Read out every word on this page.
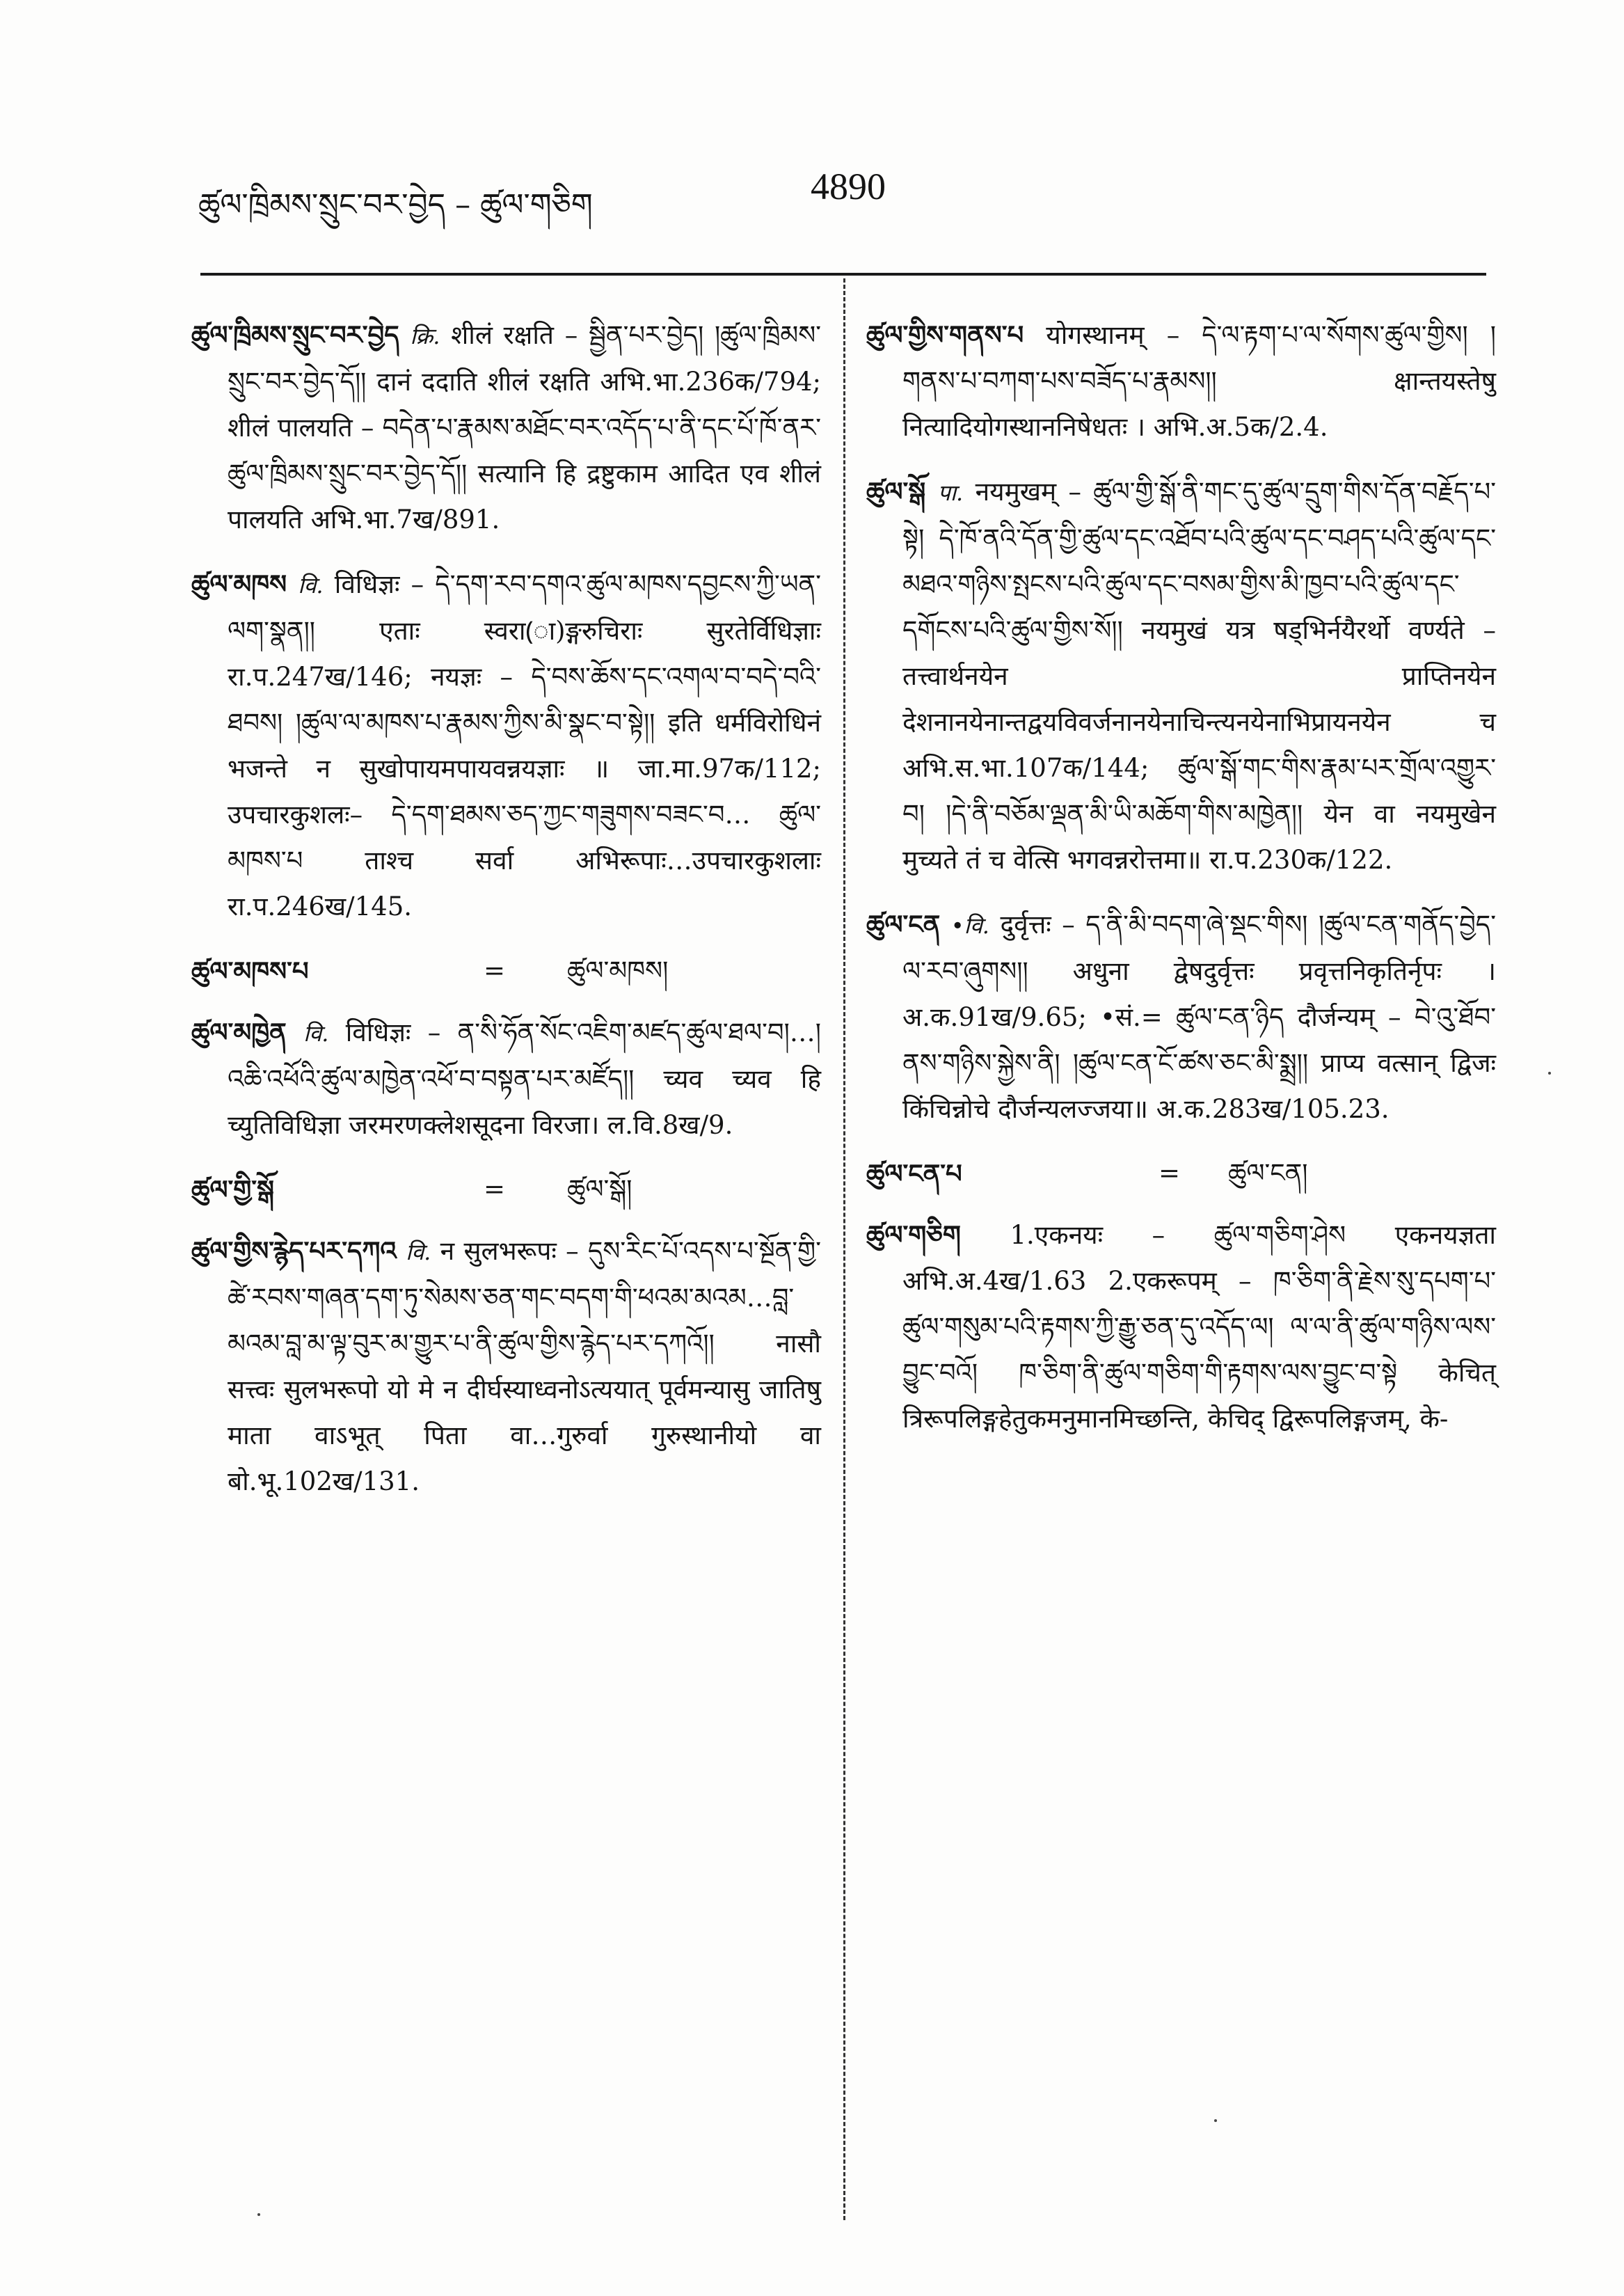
ཚུལ་ཁྲིམས་སྲུང་བར་བྱེད – ཚུལ་གཅིག	4890

ཚུལ་ཁྲིམས་སྲུང་བར་བྱེད क्रि. शीलं रक्षति – སྦྱིན་པར་བྱེད། །ཚུལ་ཁྲིམས་སྲུང་བར་བྱེད་དོ།། दानं ददाति शीलं रक्षति अभि.भा.236क/794; शीलं पालयति – བདེན་པ་རྣམས་མཐོང་བར་འདོད་པ་ནི་དང་པོ་ཁོ་ནར་ཚུལ་ཁྲིམས་སྲུང་བར་བྱེད་དོ།། सत्यानि हि द्रष्टुकाम आदित एव शीलं पालयति अभि.भा.7ख/891.

ཚུལ་མཁས वि. विधिज्ञः – དེ་དག་རབ་དགའ་ཚུལ་མཁས་དབྱངས་ཀྱི་ཡན་ལག་སྣན།། एताः स्वरा(ा)ङ्गरुचिराः सुरतेर्विधिज्ञाः रा.प.247ख/146; नयज्ञः – དེ་བས་ཆོས་དང་འགལ་བ་བདེ་བའི་ཐབས། །ཚུལ་ལ་མཁས་པ་རྣམས་ཀྱིས་མི་སྣང་བ་སྟེ།། इति धर्मविरोधिनं भजन्ते न सुखोपायमपायवन्नयज्ञाः ॥ जा.मा.97क/112; उपचारकुशलः– དེ་དག་ཐམས་ཅད་ཀྱང་གཟུགས་བཟང་བ… ཚུལ་མཁས་པ ताश्च सर्वा अभिरूपाः…उपचारकुशलाः रा.प.246ख/145.

ཚུལ་མཁས་པ	= ཚུལ་མཁས།

ཚུལ་མཁྱེན वि. विधिज्ञः – ན་སི་ཧོན་སོང་འཇིག་མཛད་ཚུལ་ཐལ་བ།…།འཆི་འཕོའི་ཚུལ་མཁྱེན་འཕོ་བ་བསྟན་པར་མཛོད།། च्यव च्यव हि च्युतिविधिज्ञा जरमरणक्लेशसूदना विरजा। ल.वि.8ख/9.

ཚུལ་གྱི་སྒོ	= ཚུལ་སྒོ།

ཚུལ་གྱིས་རྙེད་པར་དཀའ वि. न सुलभरूपः – དུས་རིང་པོ་འདས་པ་སྔོན་གྱི་ཚེ་རབས་གཞན་དག་ཏུ་སེམས་ཅན་གང་བདག་གི་ཕའམ་མའམ…བླ་མའམ་བླ་མ་ལྟ་བུར་མ་གྱུར་པ་ནི་ཚུལ་གྱིས་རྙེད་པར་དཀའོ།། नासौ सत्त्वः सुलभरूपो यो मे न दीर्घस्याध्वनोऽत्ययात् पूर्वमन्यासु जातिषु माता वाऽभूत् पिता वा…गुरुर्वा गुरुस्थानीयो वा बो.भू.102ख/131.

ཚུལ་གྱིས་གནས་པ योगस्थानम् – དེ་ལ་རྟག་པ་ལ་སོགས་ཚུལ་གྱིས། །གནས་པ་བཀག་པས་བཟོད་པ་རྣམས།། क्षान्तयस्तेषु नित्यादियोगस्थाननिषेधतः । अभि.अ.5क/2.4.

ཚུལ་སྒོ पा. नयमुखम् – ཚུལ་གྱི་སྒོ་ནི་གང་དུ་ཚུལ་དྲུག་གིས་དོན་བརྗོད་པ་སྟེ། དེ་ཁོ་ནའི་དོན་གྱི་ཚུལ་དང་འཐོབ་པའི་ཚུལ་དང་བཤད་པའི་ཚུལ་དང་མཐའ་གཉིས་སྤངས་པའི་ཚུལ་དང་བསམ་གྱིས་མི་ཁྱབ་པའི་ཚུལ་དང་དགོངས་པའི་ཚུལ་གྱིས་སོ།། नयमुखं यत्र षड्भिर्नयैरर्थो वर्ण्यते –तत्त्वार्थनयेन प्राप्तिनयेन देशनानयेनान्तद्वयविवर्जनानयेनाचिन्त्यनयेनाभिप्रायनयेन च अभि.स.भा.107क/144; ཚུལ་སྒོ་གང་གིས་རྣམ་པར་གྲོལ་འགྱུར་བ། །དེ་ནི་བཅོམ་ལྡན་མི་ཡི་མཆོག་གིས་མཁྱེན།། येन वा नयमुखेन मुच्यते तं च वेत्सि भगवन्नरोत्तमा॥ रा.प.230क/122.

ཚུལ་ངན •वि. दुर्वृत्तः – ད་ནི་མི་བདག་ཞེ་སྡང་གིས། །ཚུལ་ངན་གནོད་བྱེད་ལ་རབ་ཞུགས།། अधुना द्वेषदुर्वृत्तः प्रवृत्तनिकृतिर्नृपः । अ.क.91ख/9.65; •सं.= ཚུལ་ངན་ཉིད दौर्जन्यम् – བེ་འུ་ཐོབ་ནས་གཉིས་སྐྱེས་ནི། །ཚུལ་ངན་ངོ་ཚས་ཅང་མི་སྨྲ།། प्राप्य वत्सान् द्विजः किंचिन्नोचे दौर्जन्यलज्जया॥ अ.क.283ख/105.23.

ཚུལ་ངན་པ	= ཚུལ་ངན།

ཚུལ་གཅིག 1.एकनयः – ཚུལ་གཅིག་ཤེས एकनयज्ञता अभि.अ.4ख/1.63 2.एकरूपम् – ཁ་ཅིག་ནི་རྗེས་སུ་དཔག་པ་ཚུལ་གསུམ་པའི་རྟགས་ཀྱི་རྒྱུ་ཅན་དུ་འདོད་ལ། ལ་ལ་ནི་ཚུལ་གཉིས་ལས་བྱུང་བའོ། ཁ་ཅིག་ནི་ཚུལ་གཅིག་གི་རྟགས་ལས་བྱུང་བ་སྟེ केचित् त्रिरूपलिङ्गहेतुकमनुमानमिच्छन्ति, केचिद् द्विरूपलिङ्गजम्, के-
